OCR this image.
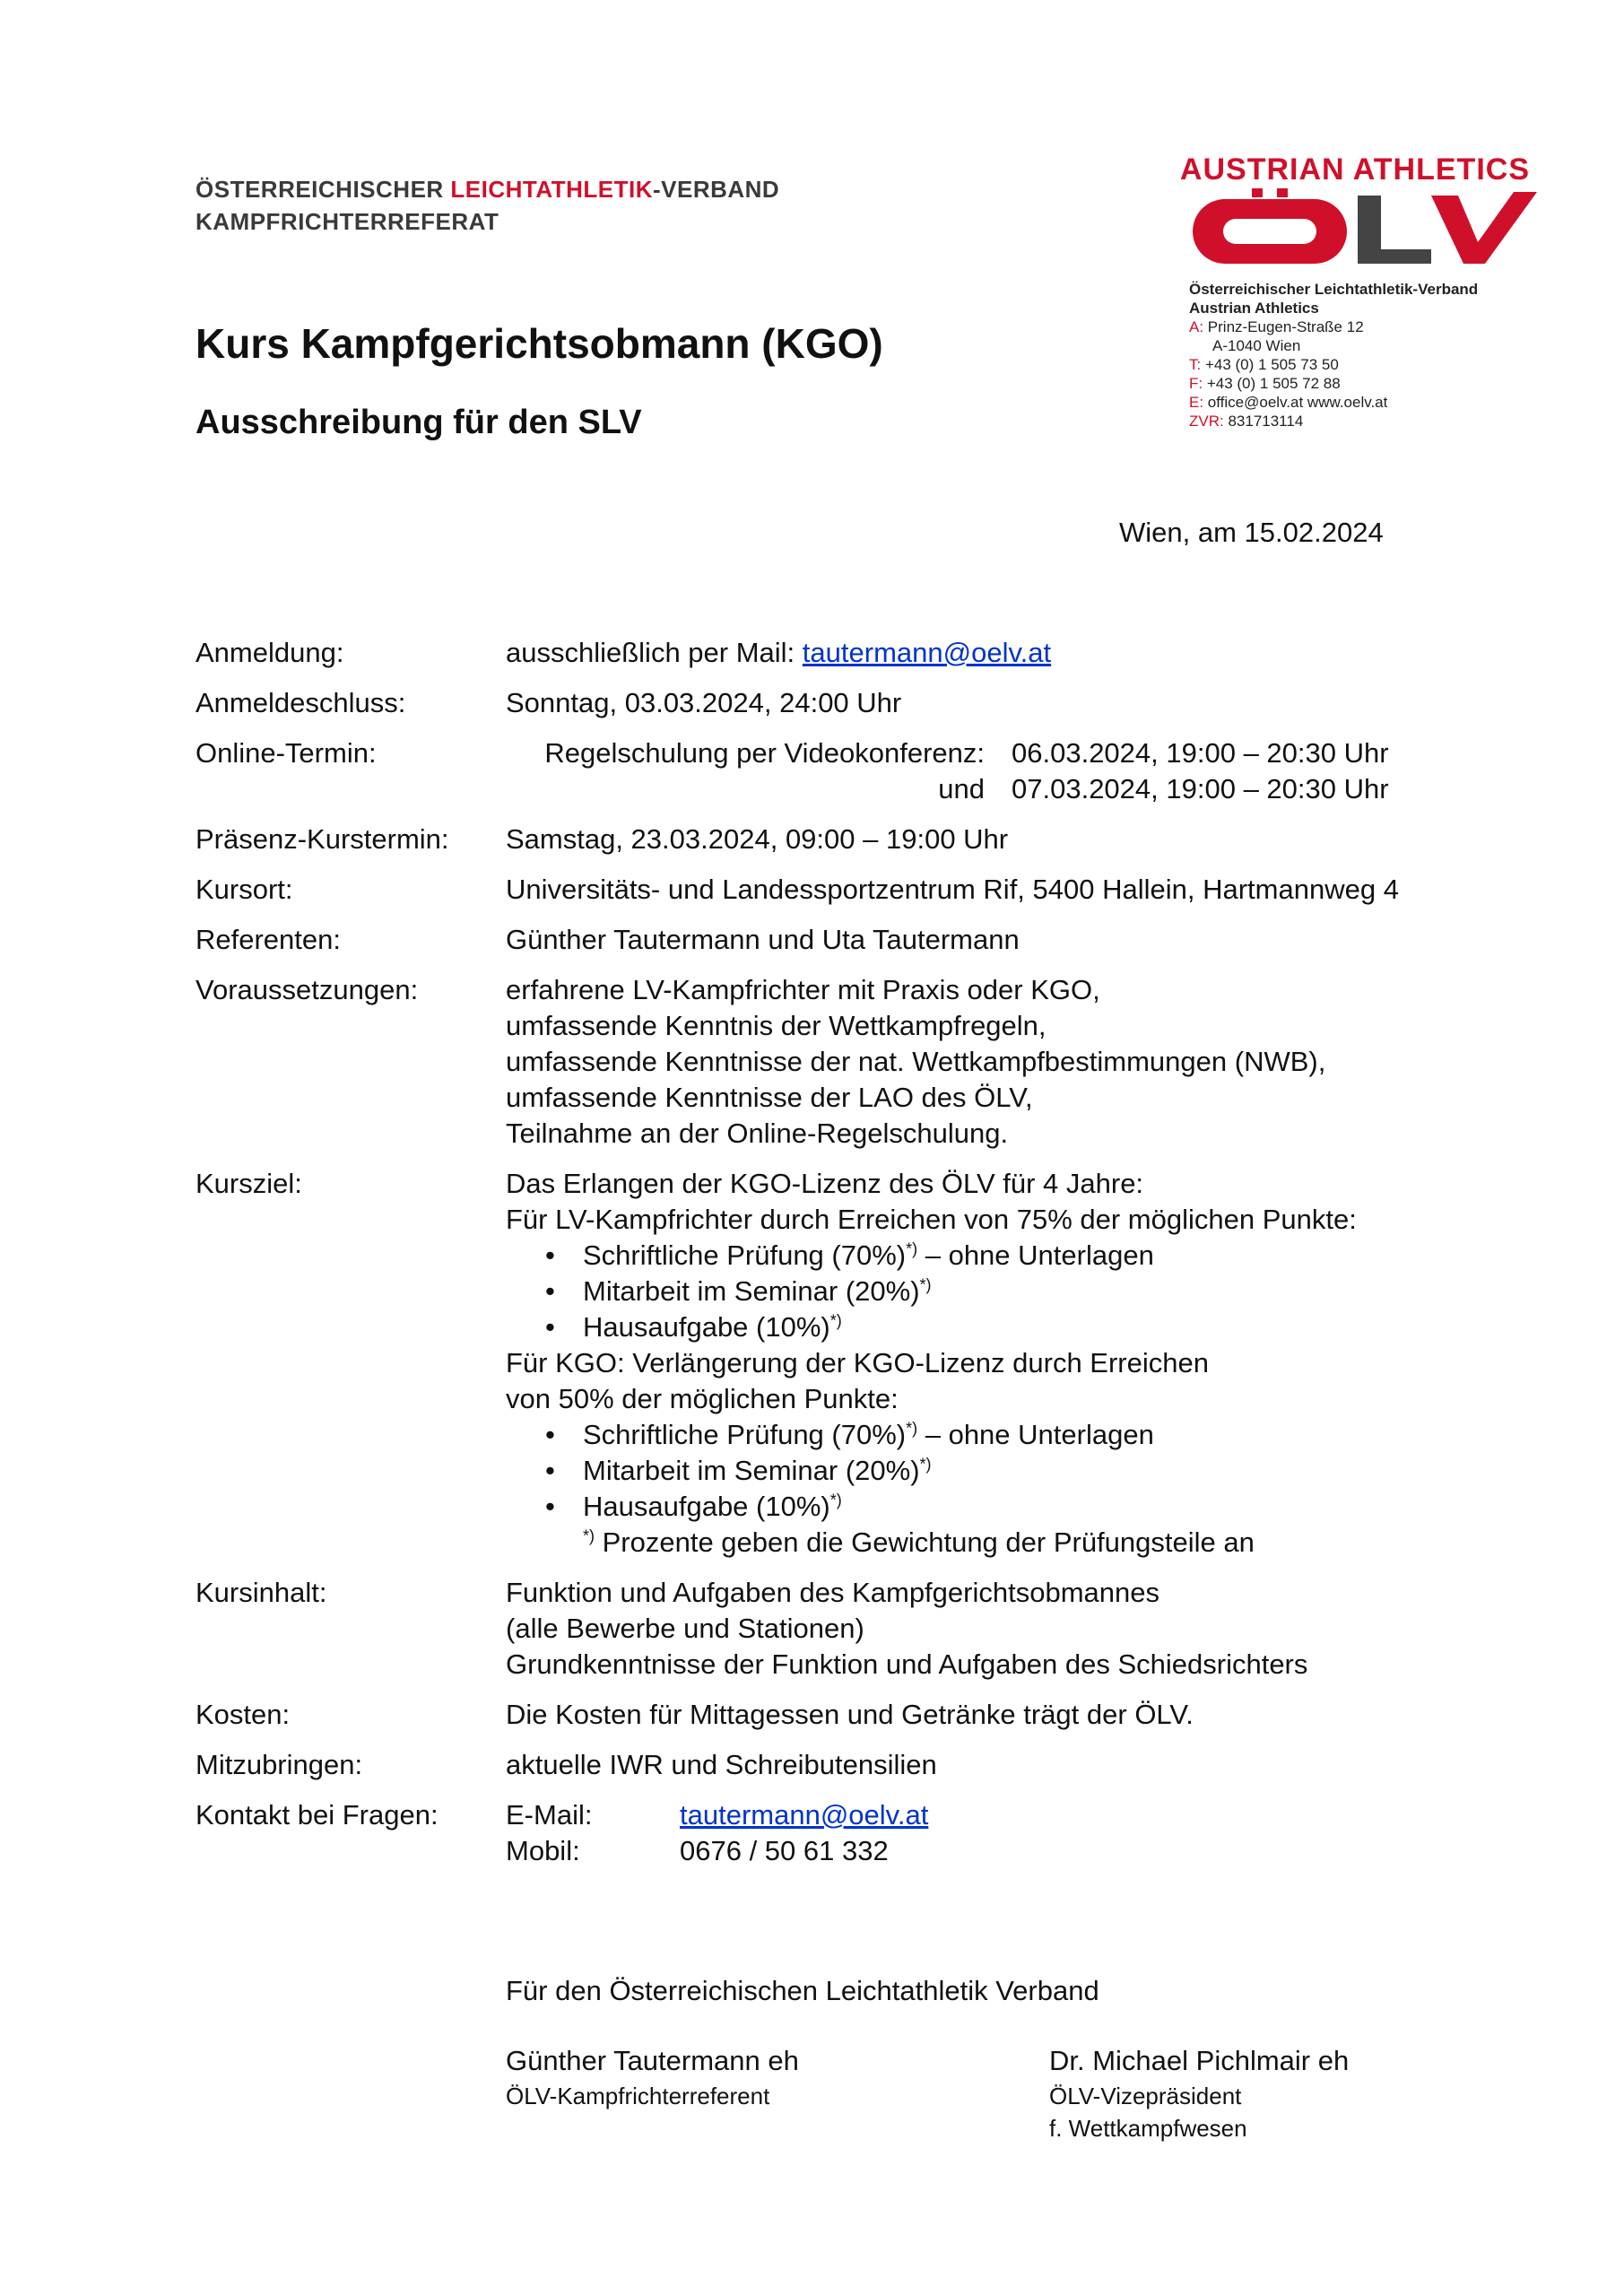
ÖSTERREICHISCHER LEICHTATHLETIK-VERBAND
KAMPFRICHTERREFERAT
AUSTRIAN ATHLETICS
Österreichischer Leichtathletik-Verband
Austrian Athletics
A: Prinz-Eugen-Straße 12
A-1040 Wien
T: +43 (0) 1 505 73 50
F: +43 (0) 1 505 72 88
E: office@oelv.at www.oelv.at
ZVR: 831713114
Kurs Kampfgerichtsobmann (KGO)
Ausschreibung für den SLV
Wien, am 15.02.2024
Anmeldung:	ausschließlich per Mail: tautermann@oelv.at
Anmeldeschluss:	Sonntag, 03.03.2024, 24:00 Uhr
Online-Termin:	Regelschulung per Videokonferenz: 06.03.2024, 19:00 – 20:30 Uhr
und 07.03.2024, 19:00 – 20:30 Uhr
Präsenz-Kurstermin:	Samstag, 23.03.2024, 09:00 – 19:00 Uhr
Kursort:	Universitäts- und Landessportzentrum Rif, 5400 Hallein, Hartmannweg 4
Referenten:	Günther Tautermann und Uta Tautermann
Voraussetzungen:	erfahrene LV-Kampfrichter mit Praxis oder KGO,
umfassende Kenntnis der Wettkampfregeln,
umfassende Kenntnisse der nat. Wettkampfbestimmungen (NWB),
umfassende Kenntnisse der LAO des ÖLV,
Teilnahme an der Online-Regelschulung.
Kursziel:	Das Erlangen der KGO-Lizenz des ÖLV für 4 Jahre:
Für LV-Kampfrichter durch Erreichen von 75% der möglichen Punkte:
• Schriftliche Prüfung (70%)*) – ohne Unterlagen
• Mitarbeit im Seminar (20%)*)
• Hausaufgabe (10%)*)
Für KGO: Verlängerung der KGO-Lizenz durch Erreichen
von 50% der möglichen Punkte:
• Schriftliche Prüfung (70%)*) – ohne Unterlagen
• Mitarbeit im Seminar (20%)*)
• Hausaufgabe (10%)*)
*) Prozente geben die Gewichtung der Prüfungsteile an
Kursinhalt:	Funktion und Aufgaben des Kampfgerichtsobmannes
(alle Bewerbe und Stationen)
Grundkenntnisse der Funktion und Aufgaben des Schiedsrichters
Kosten:	Die Kosten für Mittagessen und Getränke trägt der ÖLV.
Mitzubringen:	aktuelle IWR und Schreibutensilien
Kontakt bei Fragen:	E-Mail:	tautermann@oelv.at
Mobil:	0676 / 50 61 332
Für den Österreichischen Leichtathletik Verband
Günther Tautermann eh
ÖLV-Kampfrichterreferent
Dr. Michael Pichlmair eh
ÖLV-Vizepräsident
f. Wettkampfwesen
